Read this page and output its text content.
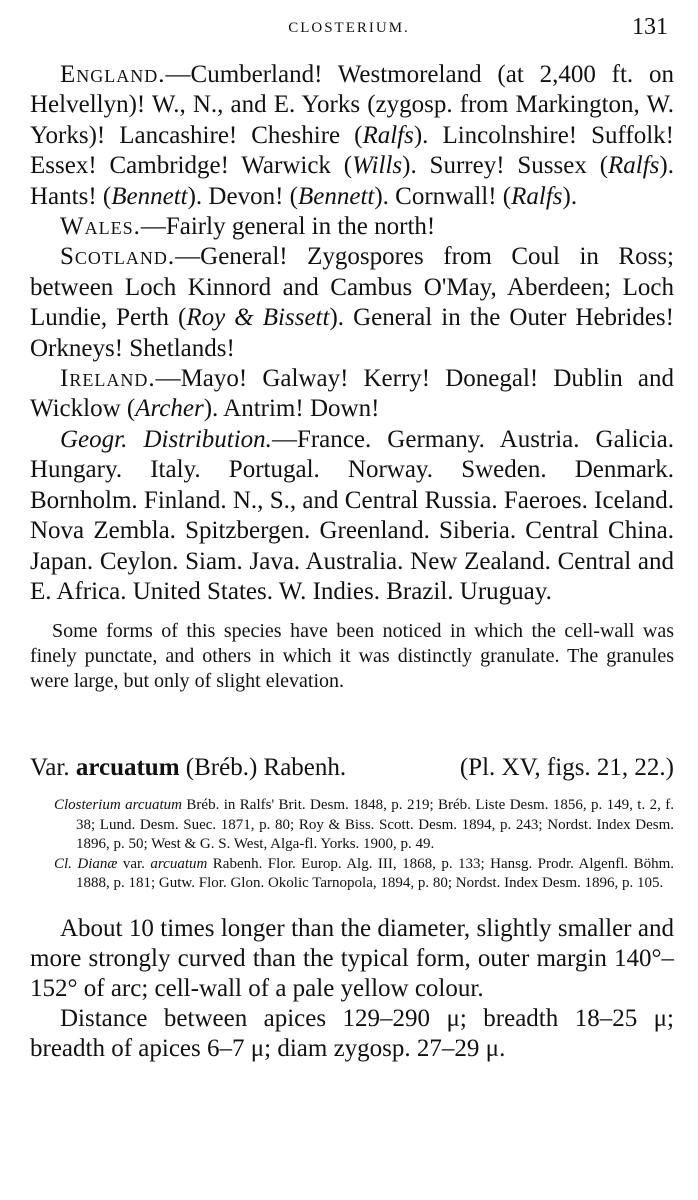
CLOSTERIUM.	131

England.—Cumberland! Westmoreland (at 2,400 ft. on Helvellyn)! W., N., and E. Yorks (zygosp. from Markington, W. Yorks)! Lancashire! Cheshire (Ralfs). Lincolnshire! Suffolk! Essex! Cambridge! Warwick (Wills). Surrey! Sussex (Ralfs). Hants! (Bennett). Devon! (Bennett). Cornwall! (Ralfs).

Wales.—Fairly general in the north!

Scotland.—General! Zygospores from Coul in Ross; between Loch Kinnord and Cambus O'May, Aberdeen; Loch Lundie, Perth (Roy & Bissett). General in the Outer Hebrides! Orkneys! Shetlands!

Ireland.—Mayo! Galway! Kerry! Donegal! Dublin and Wicklow (Archer). Antrim! Down!

Geogr. Distribution.—France. Germany. Austria. Galicia. Hungary. Italy. Portugal. Norway. Sweden. Denmark. Bornholm. Finland. N., S., and Central Russia. Faeroes. Iceland. Nova Zembla. Spitzbergen. Greenland. Siberia. Central China. Japan. Ceylon. Siam. Java. Australia. New Zealand. Central and E. Africa. United States. W. Indies. Brazil. Uruguay.

Some forms of this species have been noticed in which the cell-wall was finely punctate, and others in which it was distinctly granulate. The granules were large, but only of slight elevation.

Var. arcuatum (Bréb.) Rabenh.	(Pl. XV, figs. 21, 22.)

Closterium arcuatum Bréb. in Ralfs' Brit. Desm. 1848, p. 219; Bréb. Liste Desm. 1856, p. 149, t. 2, f. 38; Lund. Desm. Suec. 1871, p. 80; Roy & Biss. Scott. Desm. 1894, p. 243; Nordst. Index Desm. 1896, p. 50; West & G. S. West, Alga-fl. Yorks. 1900, p. 49.

Cl. Dianæ var. arcuatum Rabenh. Flor. Europ. Alg. III, 1868, p. 133; Hansg. Prodr. Algenfl. Böhm. 1888, p. 181; Gutw. Flor. Glon. Okolic Tarnopola, 1894, p. 80; Nordst. Index Desm. 1896, p. 105.

About 10 times longer than the diameter, slightly smaller and more strongly curved than the typical form, outer margin 140°–152° of arc; cell-wall of a pale yellow colour.

Distance between apices 129–290 μ; breadth 18–25 μ; breadth of apices 6–7 μ; diam zygosp. 27–29 μ.
